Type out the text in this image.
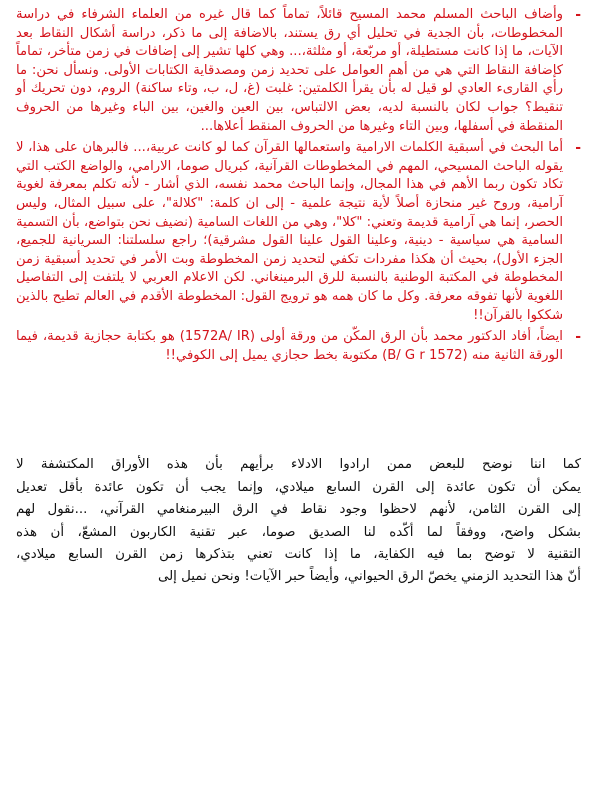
-
وأضاف الباحث المسلم محمد المسيح قائلاً، تماماً كما قال غيره من العلماء الشرفاء في دراسة المخطوطات، بأن الجدية في تحليل أي رق يستند، بالاضافة إلى ما ذكر، دراسة أشكال النقاط بعد الآيات، ما إذا كانت مستطيلة، أو مربّعة، أو مثلثة،... وهي كلها تشير إلى إضافات في زمن متأخر، تماماً كإضافة النقاط التي هي من أهم العوامل على تحديد زمن ومصدقاية الكتابات الأولى. ونسأل نحن: ما رأي القارىء العادي لو قيل له بأن يقرأ الكلمتين: غلبت (غ، ل، ب، وتاء ساكنة) الروم، دون تحريك أو تنقيط؟ جواب لكان بالنسبة لديه، بعض الالتباس، بين العين والغين، بين الباء وغيرها من الحروف المنقطة في أسفلها، وبين التاء وغيرها من الحروف المنقط أعلاها...
-
أما البحث في أسبقية الكلمات الارامية واستعمالها القرآن كما لو كانت عربية،... فالبرهان على هذا، لا يقوله الباحث المسيحي، المهم في المخطوطات القرآنية، كبريال صوما، الارامي، والواضع الكتب التي تكاد تكون ربما الأهم في هذا المجال، وإنما الباحث محمد نفسه، الذي أشار - لأنه تكلم بمعرفة لغوية آرامية، وروح غير منحازة أصلاً لأية نتيجة علمية - إلى ان كلمة: "كلالة"، على سبيل المثال، وليس الحصر، إنما هي آرامية قديمة وتعني: "كلا"، وهي من اللغات السامية (نضيف نحن بتواضع، بأن التسمية السامية هي سياسية - دينية، وعلينا القول علينا القول مشرقية)؛ راجع سلسلتنا: السريانية للجميع، الجزء الأول)، بحيث أن هكذا مفردات تكفي لتحديد زمن المخطوطة وبت الأمر في تحديد أسبقية زمن المخطوطة في المكتبة الوطنية بالنسبة للرق البرمينغاني. لكن الاعلام العربي لا يلتفت إلى التفاصيل اللغوية لأنها تفوقه معرفة. وكل ما كان همه هو ترويج القول: المخطوطة الأقدم في العالم تطيح بالذين شككوا بالقرآن!!
-
ايضاً، أفاد الدكتور محمد بأن الرق المكّن من ورقة أولى (1572A/ IR) هو بكتابة حجازية قديمة، فيما الورقة الثانية منه (1572 B/ G r) مكتوبة بخط حجازي يميل إلى الكوفي!!
كما اننا نوضح للبعض ممن ارادوا الادلاء برأيهم بأن هذه الأوراق المكتشفة لا
يمكن أن تكون عائدة إلى القرن السابع ميلادي، وإنما يجب أن تكون عائدة بأقل تعديل
إلى القرن الثامن، لأنهم لاحظوا وجود نقاط في الرق البيرمنغامي القرآني، ...نقول لهم
بشكل واضح، ووفقاً لما أكّده لنا الصديق صوما، عبر تقنية الكاربون المشعّ، أن هذه
التقنية لا توضح بما فيه الكفاية، ما إذا كانت تعني بتذكرها زمن القرن السابع ميلادي،
أنّ هذا التحديد الزمني يخصّ الرق الحيواني، وأيضاً حبر الآيات! ونحن نميل إلى
